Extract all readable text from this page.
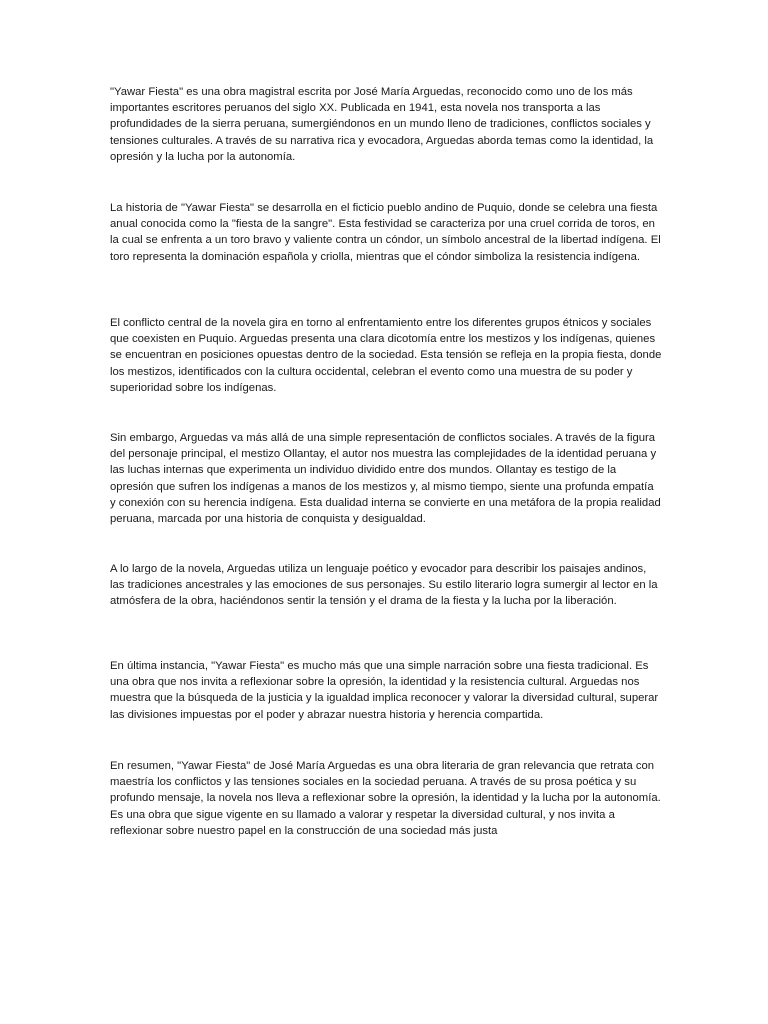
"Yawar Fiesta" es una obra magistral escrita por José María Arguedas, reconocido como uno de los más importantes escritores peruanos del siglo XX. Publicada en 1941, esta novela nos transporta a las profundidades de la sierra peruana, sumergiéndonos en un mundo lleno de tradiciones, conflictos sociales y tensiones culturales. A través de su narrativa rica y evocadora, Arguedas aborda temas como la identidad, la opresión y la lucha por la autonomía.

La historia de "Yawar Fiesta" se desarrolla en el ficticio pueblo andino de Puquio, donde se celebra una fiesta anual conocida como la "fiesta de la sangre". Esta festividad se caracteriza por una cruel corrida de toros, en la cual se enfrenta a un toro bravo y valiente contra un cóndor, un símbolo ancestral de la libertad indígena. El toro representa la dominación española y criolla, mientras que el cóndor simboliza la resistencia indígena.

El conflicto central de la novela gira en torno al enfrentamiento entre los diferentes grupos étnicos y sociales que coexisten en Puquio. Arguedas presenta una clara dicotomía entre los mestizos y los indígenas, quienes se encuentran en posiciones opuestas dentro de la sociedad. Esta tensión se refleja en la propia fiesta, donde los mestizos, identificados con la cultura occidental, celebran el evento como una muestra de su poder y superioridad sobre los indígenas.

Sin embargo, Arguedas va más allá de una simple representación de conflictos sociales. A través de la figura del personaje principal, el mestizo Ollantay, el autor nos muestra las complejidades de la identidad peruana y las luchas internas que experimenta un individuo dividido entre dos mundos. Ollantay es testigo de la opresión que sufren los indígenas a manos de los mestizos y, al mismo tiempo, siente una profunda empatía y conexión con su herencia indígena. Esta dualidad interna se convierte en una metáfora de la propia realidad peruana, marcada por una historia de conquista y desigualdad.

A lo largo de la novela, Arguedas utiliza un lenguaje poético y evocador para describir los paisajes andinos, las tradiciones ancestrales y las emociones de sus personajes. Su estilo literario logra sumergir al lector en la atmósfera de la obra, haciéndonos sentir la tensión y el drama de la fiesta y la lucha por la liberación.

En última instancia, "Yawar Fiesta" es mucho más que una simple narración sobre una fiesta tradicional. Es una obra que nos invita a reflexionar sobre la opresión, la identidad y la resistencia cultural. Arguedas nos muestra que la búsqueda de la justicia y la igualdad implica reconocer y valorar la diversidad cultural, superar las divisiones impuestas por el poder y abrazar nuestra historia y herencia compartida.

En resumen, "Yawar Fiesta" de José María Arguedas es una obra literaria de gran relevancia que retrata con maestría los conflictos y las tensiones sociales en la sociedad peruana. A través de su prosa poética y su profundo mensaje, la novela nos lleva a reflexionar sobre la opresión, la identidad y la lucha por la autonomía. Es una obra que sigue vigente en su llamado a valorar y respetar la diversidad cultural, y nos invita a reflexionar sobre nuestro papel en la construcción de una sociedad más justa
